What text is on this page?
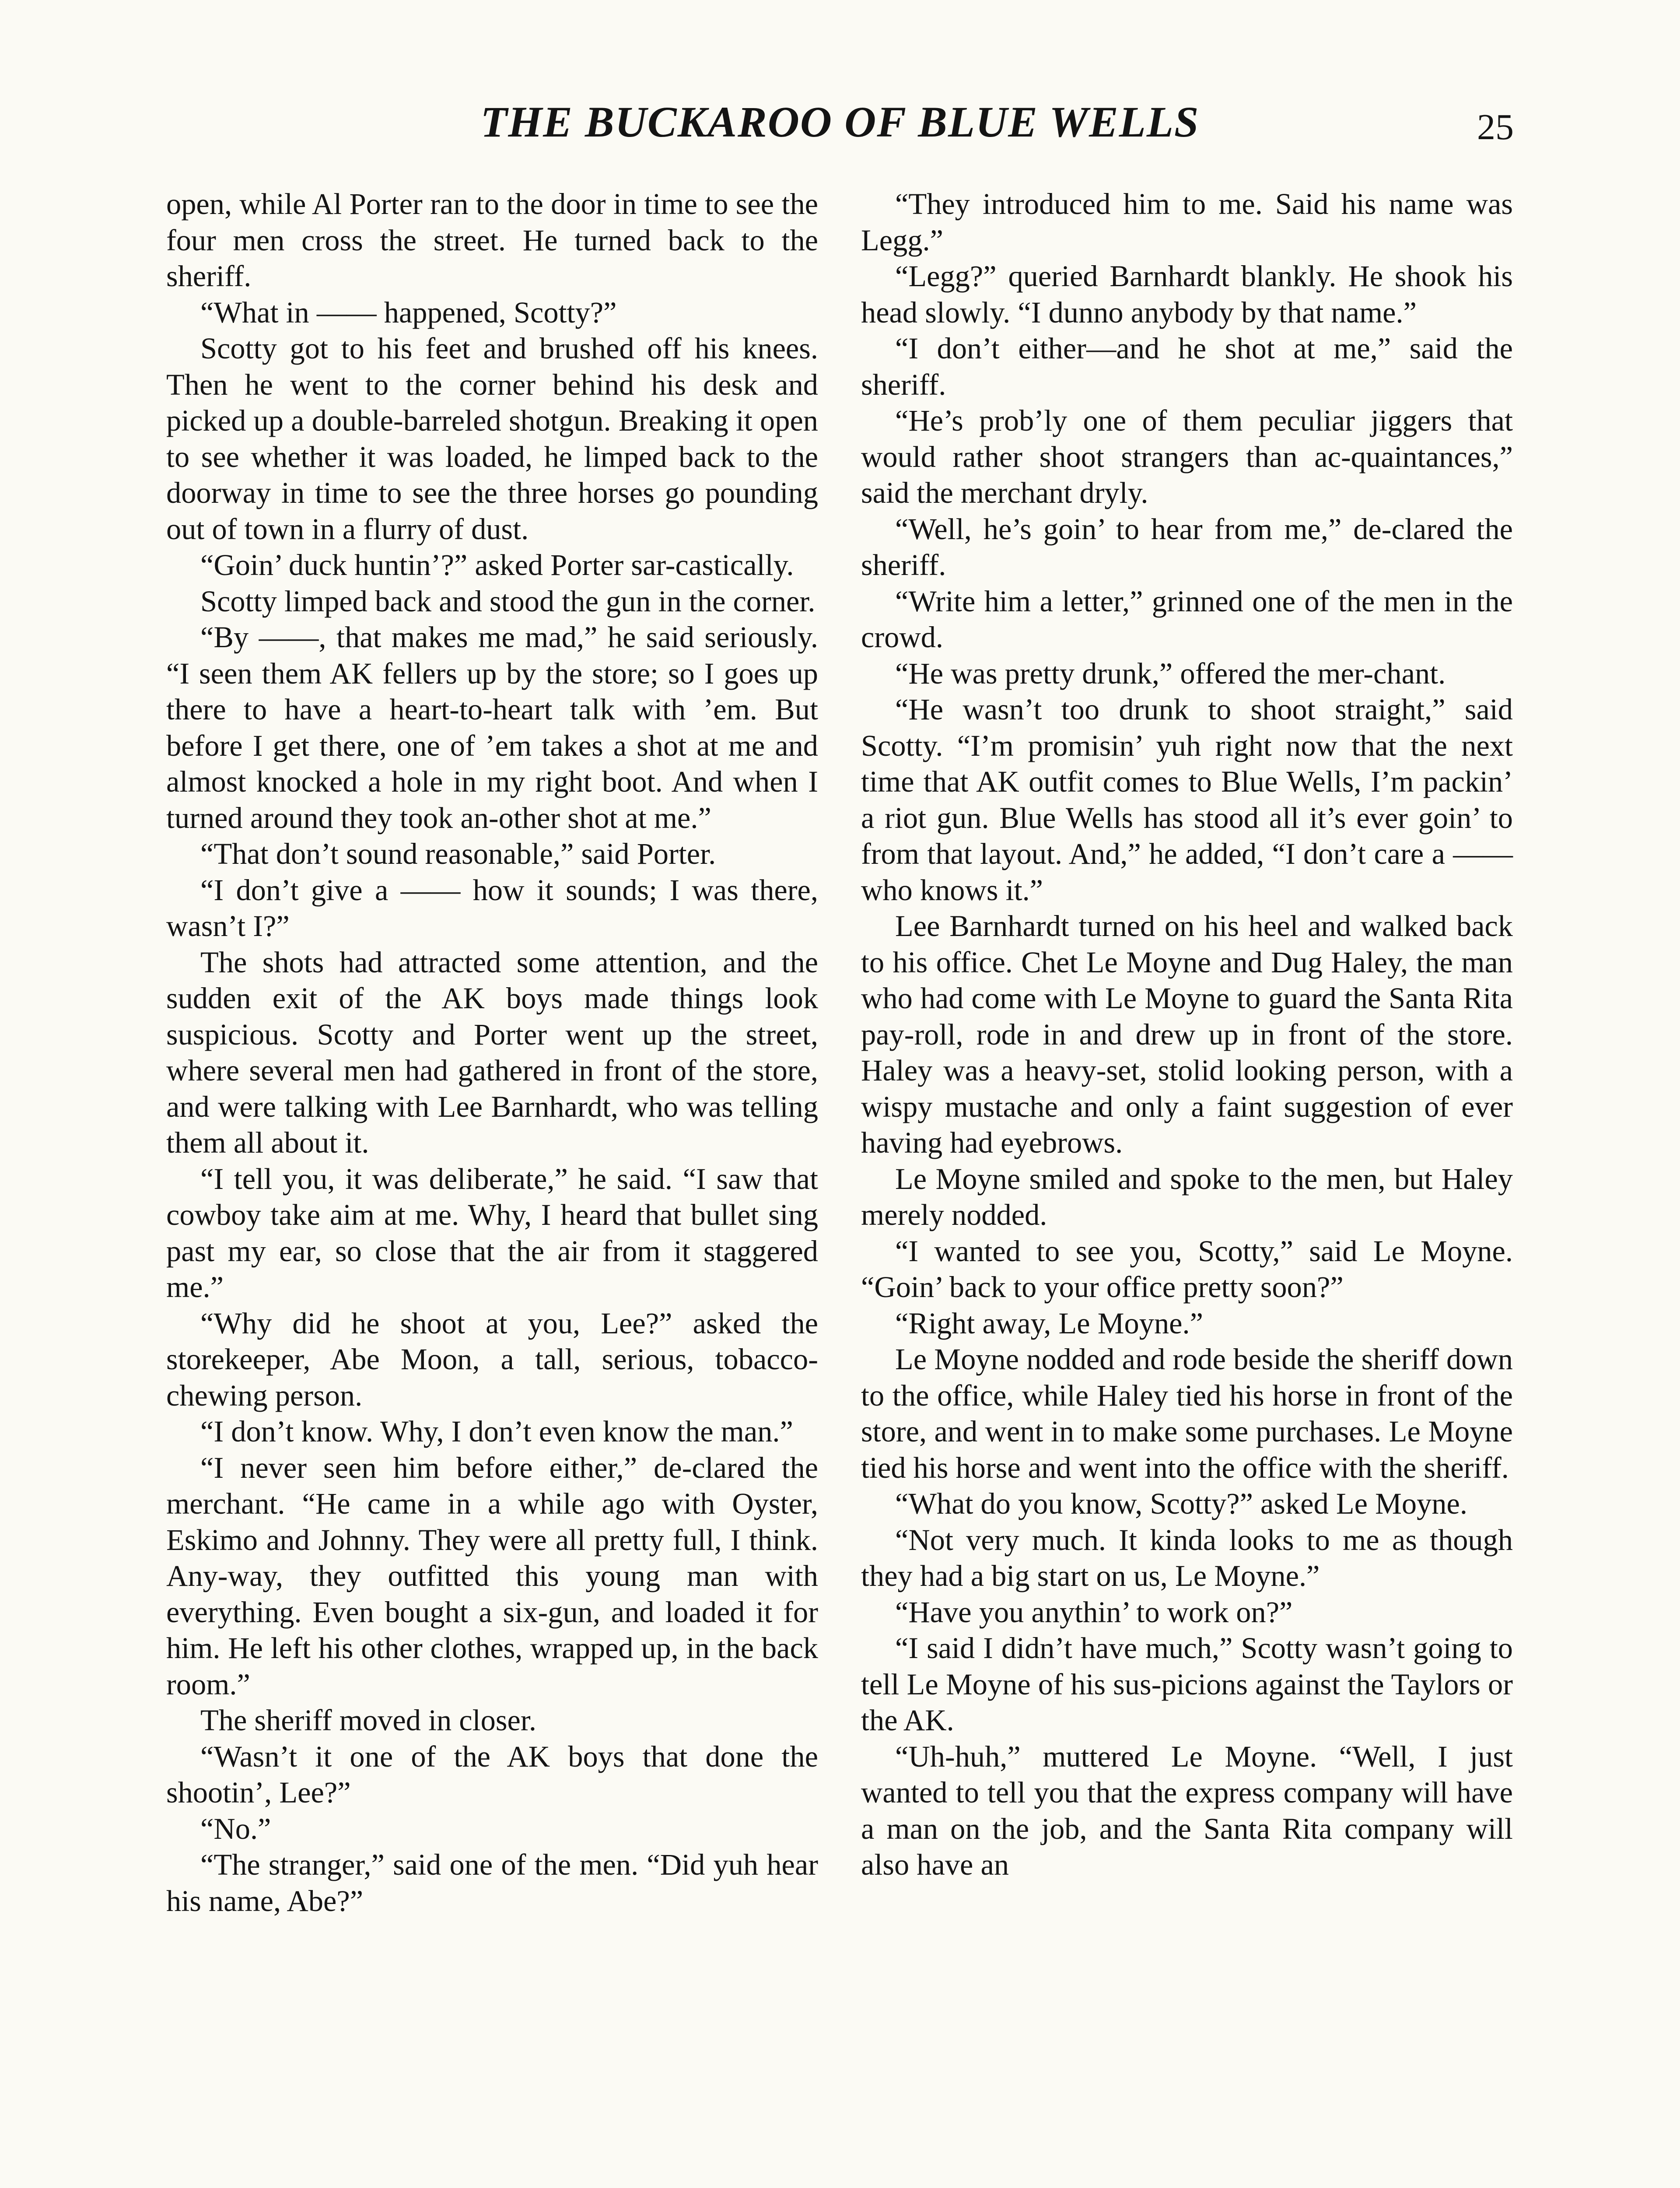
THE BUCKAROO OF BLUE WELLS	25

open, while Al Porter ran to the door in time to see the four men cross the street. He turned back to the sheriff.

“What in —— happened, Scotty?”

Scotty got to his feet and brushed off his knees. Then he went to the corner behind his desk and picked up a double-barreled shotgun. Breaking it open to see whether it was loaded, he limped back to the doorway in time to see the three horses go pounding out of town in a flurry of dust.

“Goin’ duck huntin’?” asked Porter sar-castically.

Scotty limped back and stood the gun in the corner.

“By ——, that makes me mad,” he said seriously. “I seen them AK fellers up by the store; so I goes up there to have a heart-to-heart talk with ’em. But before I get there, one of ’em takes a shot at me and almost knocked a hole in my right boot. And when I turned around they took an-other shot at me.”

“That don’t sound reasonable,” said Porter.

“I don’t give a —— how it sounds; I was there, wasn’t I?”

The shots had attracted some attention, and the sudden exit of the AK boys made things look suspicious. Scotty and Porter went up the street, where several men had gathered in front of the store, and were talking with Lee Barnhardt, who was telling them all about it.

“I tell you, it was deliberate,” he said. “I saw that cowboy take aim at me. Why, I heard that bullet sing past my ear, so close that the air from it staggered me.”

“Why did he shoot at you, Lee?” asked the storekeeper, Abe Moon, a tall, serious, tobacco-chewing person.

“I don’t know. Why, I don’t even know the man.”

“I never seen him before either,” de-clared the merchant. “He came in a while ago with Oyster, Eskimo and Johnny. They were all pretty full, I think. Any-way, they outfitted this young man with everything. Even bought a six-gun, and loaded it for him. He left his other clothes, wrapped up, in the back room.”

The sheriff moved in closer.

“Wasn’t it one of the AK boys that done the shootin’, Lee?”

“No.”

“The stranger,” said one of the men. “Did yuh hear his name, Abe?”

“They introduced him to me. Said his name was Legg.”

“Legg?” queried Barnhardt blankly. He shook his head slowly. “I dunno anybody by that name.”

“I don’t either—and he shot at me,” said the sheriff.

“He’s prob’ly one of them peculiar jiggers that would rather shoot strangers than ac-quaintances,” said the merchant dryly.

“Well, he’s goin’ to hear from me,” de-clared the sheriff.

“Write him a letter,” grinned one of the men in the crowd.

“He was pretty drunk,” offered the mer-chant.

“He wasn’t too drunk to shoot straight,” said Scotty. “I’m promisin’ yuh right now that the next time that AK outfit comes to Blue Wells, I’m packin’ a riot gun. Blue Wells has stood all it’s ever goin’ to from that layout. And,” he added, “I don’t care a —— who knows it.”

Lee Barnhardt turned on his heel and walked back to his office. Chet Le Moyne and Dug Haley, the man who had come with Le Moyne to guard the Santa Rita pay-roll, rode in and drew up in front of the store. Haley was a heavy-set, stolid looking person, with a wispy mustache and only a faint suggestion of ever having had eyebrows.

Le Moyne smiled and spoke to the men, but Haley merely nodded.

“I wanted to see you, Scotty,” said Le Moyne. “Goin’ back to your office pretty soon?”

“Right away, Le Moyne.”

Le Moyne nodded and rode beside the sheriff down to the office, while Haley tied his horse in front of the store, and went in to make some purchases. Le Moyne tied his horse and went into the office with the sheriff.

“What do you know, Scotty?” asked Le Moyne.

“Not very much. It kinda looks to me as though they had a big start on us, Le Moyne.”

“Have you anythin’ to work on?”

“I said I didn’t have much,” Scotty wasn’t going to tell Le Moyne of his sus-picions against the Taylors or the AK.

“Uh-huh,” muttered Le Moyne. “Well, I just wanted to tell you that the express company will have a man on the job, and the Santa Rita company will also have an
